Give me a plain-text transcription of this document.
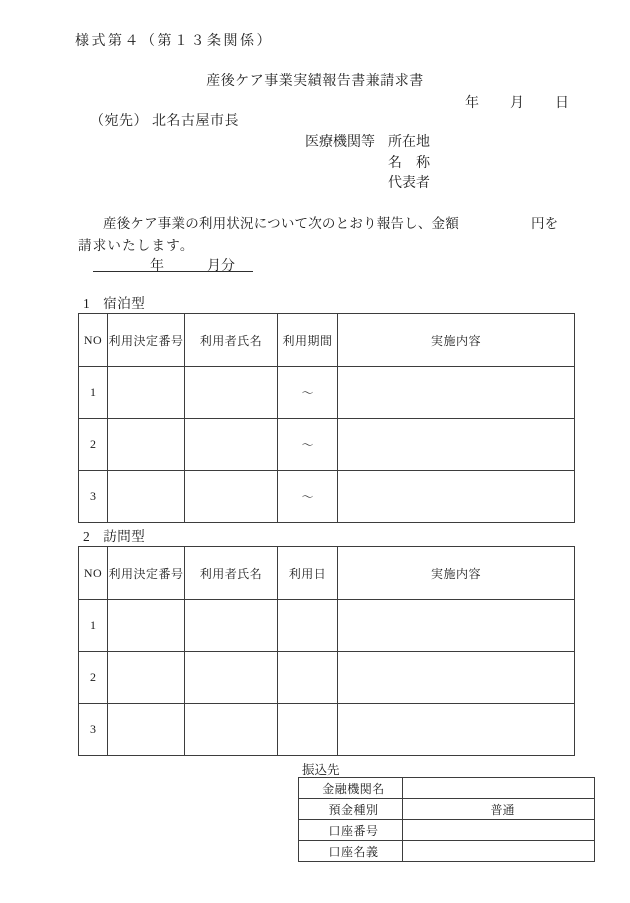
様式第４（第１３条関係）
産後ケア事業実績報告書兼請求書
年 月 日
（宛先） 北名古屋市長
医療機関等 所在地
名　称
代表者
産後ケア事業の利用状況について次のとおり報告し、金額	円を
請求いたします。
年	月分
1 宿泊型
NO	利用決定番号	利用者氏名	利用期間	実施内容
1			～	
2			～	
3			～	
2 訪問型
NO	利用決定番号	利用者氏名	利用日	実施内容
1				
2				
3				
振込先
金融機関名	
預金種別	普通
口座番号	
口座名義	
